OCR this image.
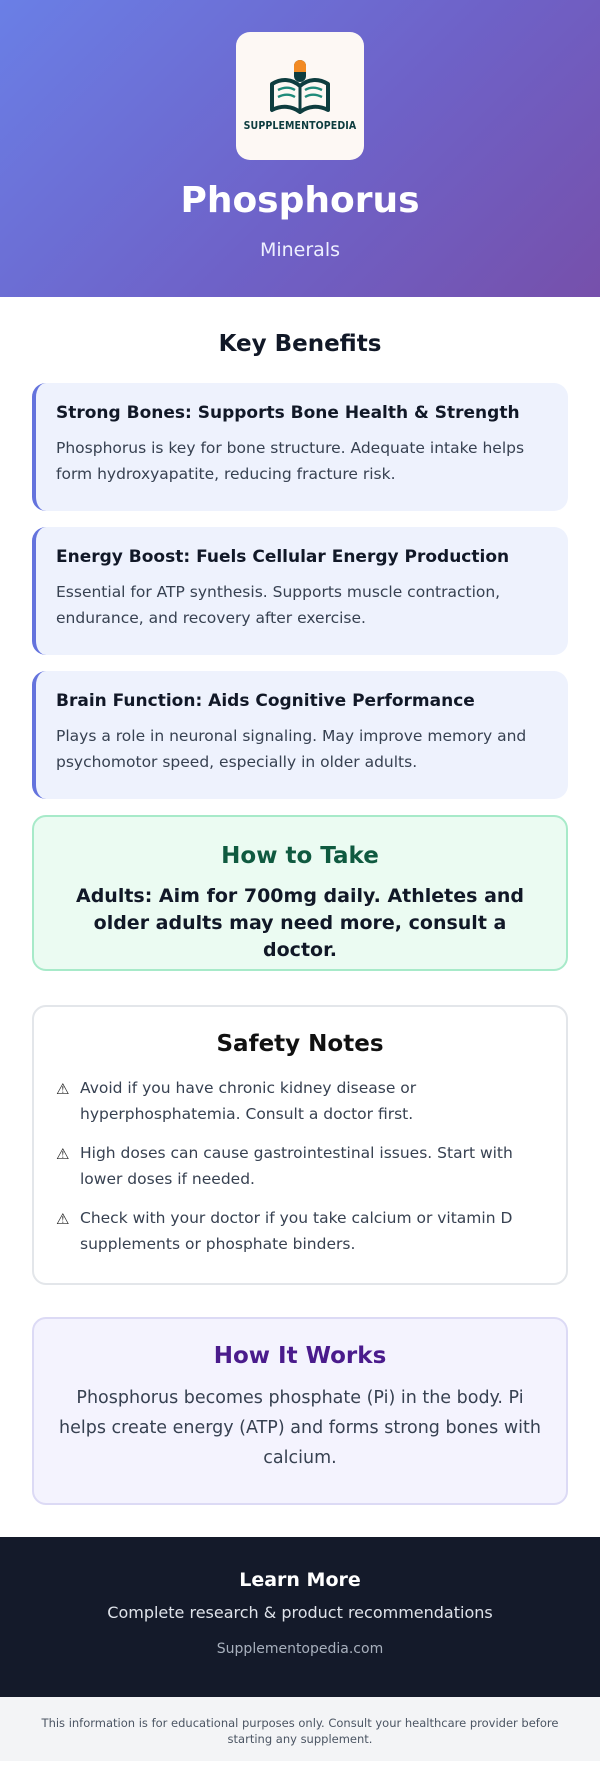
SUPPLEMENTOPEDIA
Phosphorus
Minerals
Key Benefits
Strong Bones: Supports Bone Health & Strength
Phosphorus is key for bone structure. Adequate intake helps form hydroxyapatite, reducing fracture risk.
Energy Boost: Fuels Cellular Energy Production
Essential for ATP synthesis. Supports muscle contraction, endurance, and recovery after exercise.
Brain Function: Aids Cognitive Performance
Plays a role in neuronal signaling. May improve memory and psychomotor speed, especially in older adults.
How to Take

Adults: Aim for 700mg daily. Athletes and older adults may need more, consult a doctor.

Safety Notes
⚠ Avoid if you have chronic kidney disease or hyperphosphatemia. Consult a doctor first.
⚠ High doses can cause gastrointestinal issues. Start with lower doses if needed.
⚠ Check with your doctor if you take calcium or vitamin D supplements or phosphate binders.
How It Works

Phosphorus becomes phosphate (Pi) in the body. Pi helps create energy (ATP) and forms strong bones with calcium.

Learn More
Complete research & product recommendations
Supplementopedia.com
This information is for educational purposes only. Consult your healthcare provider before starting any supplement.
